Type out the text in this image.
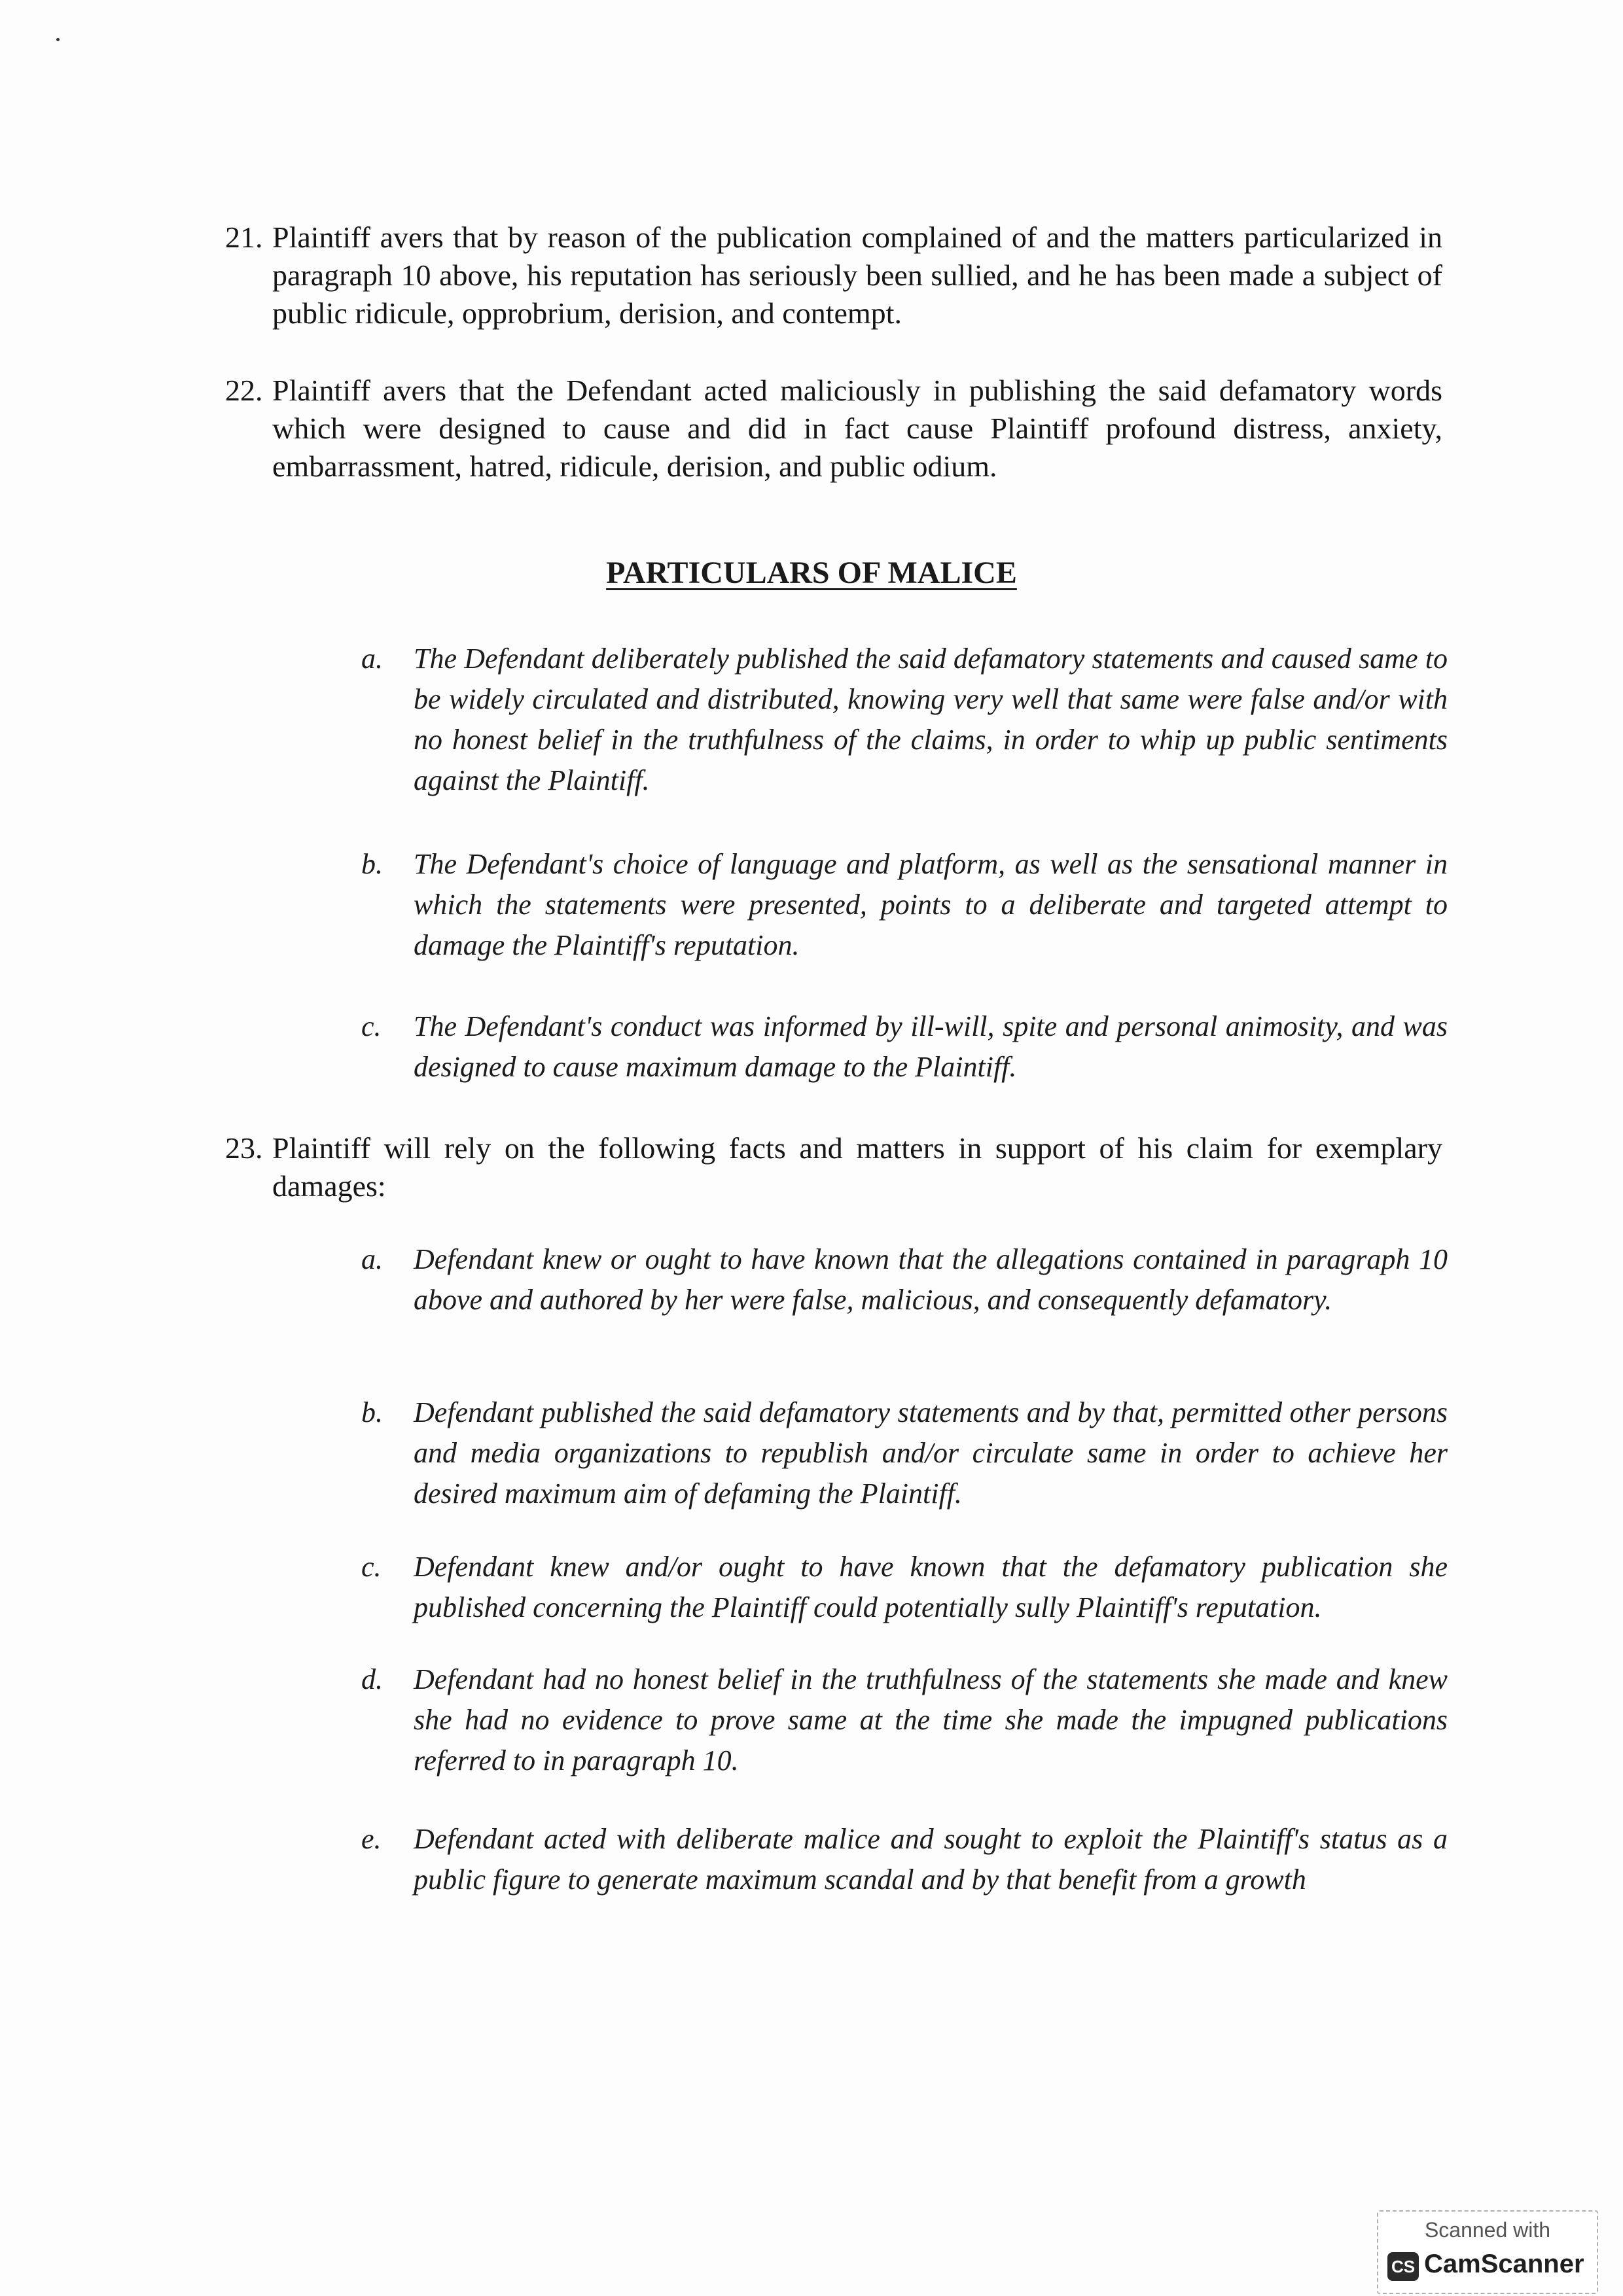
21. Plaintiff avers that by reason of the publication complained of and the matters particularized in paragraph 10 above, his reputation has seriously been sullied, and he has been made a subject of public ridicule, opprobrium, derision, and contempt.
22. Plaintiff avers that the Defendant acted maliciously in publishing the said defamatory words which were designed to cause and did in fact cause Plaintiff profound distress, anxiety, embarrassment, hatred, ridicule, derision, and public odium.
PARTICULARS OF MALICE
a.	The Defendant deliberately published the said defamatory statements and caused same to be widely circulated and distributed, knowing very well that same were false and/or with no honest belief in the truthfulness of the claims, in order to whip up public sentiments against the Plaintiff.
b.	The Defendant's choice of language and platform, as well as the sensational manner in which the statements were presented, points to a deliberate and targeted attempt to damage the Plaintiff's reputation.
c.	The Defendant's conduct was informed by ill-will, spite and personal animosity, and was designed to cause maximum damage to the Plaintiff.
23. Plaintiff will rely on the following facts and matters in support of his claim for exemplary damages:
a.	Defendant knew or ought to have known that the allegations contained in paragraph 10 above and authored by her were false, malicious, and consequently defamatory.
b.	Defendant published the said defamatory statements and by that, permitted other persons and media organizations to republish and/or circulate same in order to achieve her desired maximum aim of defaming the Plaintiff.
c.	Defendant knew and/or ought to have known that the defamatory publication she published concerning the Plaintiff could potentially sully Plaintiff's reputation.
d.	Defendant had no honest belief in the truthfulness of the statements she made and knew she had no evidence to prove same at the time she made the impugned publications referred to in paragraph 10.
e.	Defendant acted with deliberate malice and sought to exploit the Plaintiff's status as a public figure to generate maximum scandal and by that benefit from a growth
Scanned with
CS CamScanner
